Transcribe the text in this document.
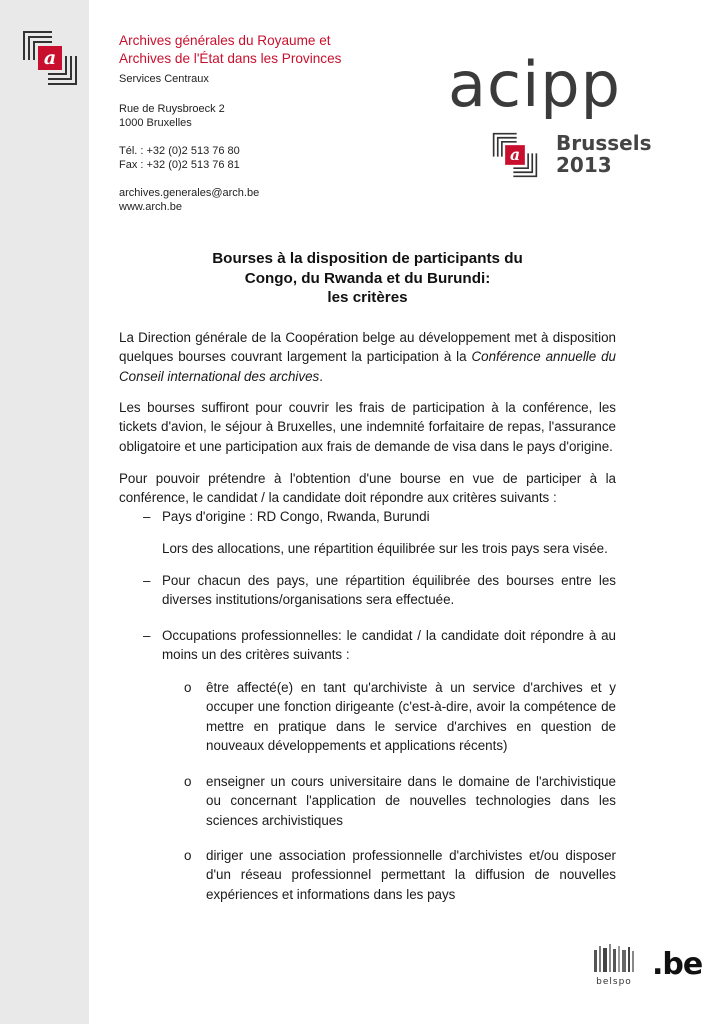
a
Archives générales du Royaume et
Archives de l'État dans les Provinces
Services Centraux
Rue de Ruysbroeck 2
1000 Bruxelles
Tél. : +32 (0)2 513 76 80
Fax : +32 (0)2 513 76 81
archives.generales@arch.be
www.arch.be
acipp
a Brussels
2013
Bourses à la disposition de participants du
Congo, du Rwanda et du Burundi:
les critères
La Direction générale de la Coopération belge au développement met à disposition quelques bourses couvrant largement la participation à la Conférence annuelle du Conseil international des archives.
Les bourses suffiront pour couvrir les frais de participation à la conférence, les tickets d'avion, le séjour à Bruxelles, une indemnité forfaitaire de repas, l'assurance obligatoire et une participation aux frais de demande de visa dans le pays d'origine.
Pour pouvoir prétendre à l'obtention d'une bourse en vue de participer à la conférence, le candidat / la candidate doit répondre aux critères suivants :
– Pays d'origine : RD Congo, Rwanda, Burundi
Lors des allocations, une répartition équilibrée sur les trois pays sera visée.
– Pour chacun des pays, une répartition équilibrée des bourses entre les diverses institutions/organisations sera effectuée.
– Occupations professionnelles: le candidat / la candidate doit répondre à au moins un des critères suivants :
o être affecté(e) en tant qu'archiviste à un service d'archives et y occuper une fonction dirigeante (c'est-à-dire, avoir la compétence de mettre en pratique dans le service d'archives en question de nouveaux développements et applications récents)
o enseigner un cours universitaire dans le domaine de l'archivistique ou concernant l'application de nouvelles technologies dans les sciences archivistiques
o diriger une association professionnelle d'archivistes et/ou disposer d'un réseau professionnel permettant la diffusion de nouvelles expériences et informations dans les pays
belspo .be
